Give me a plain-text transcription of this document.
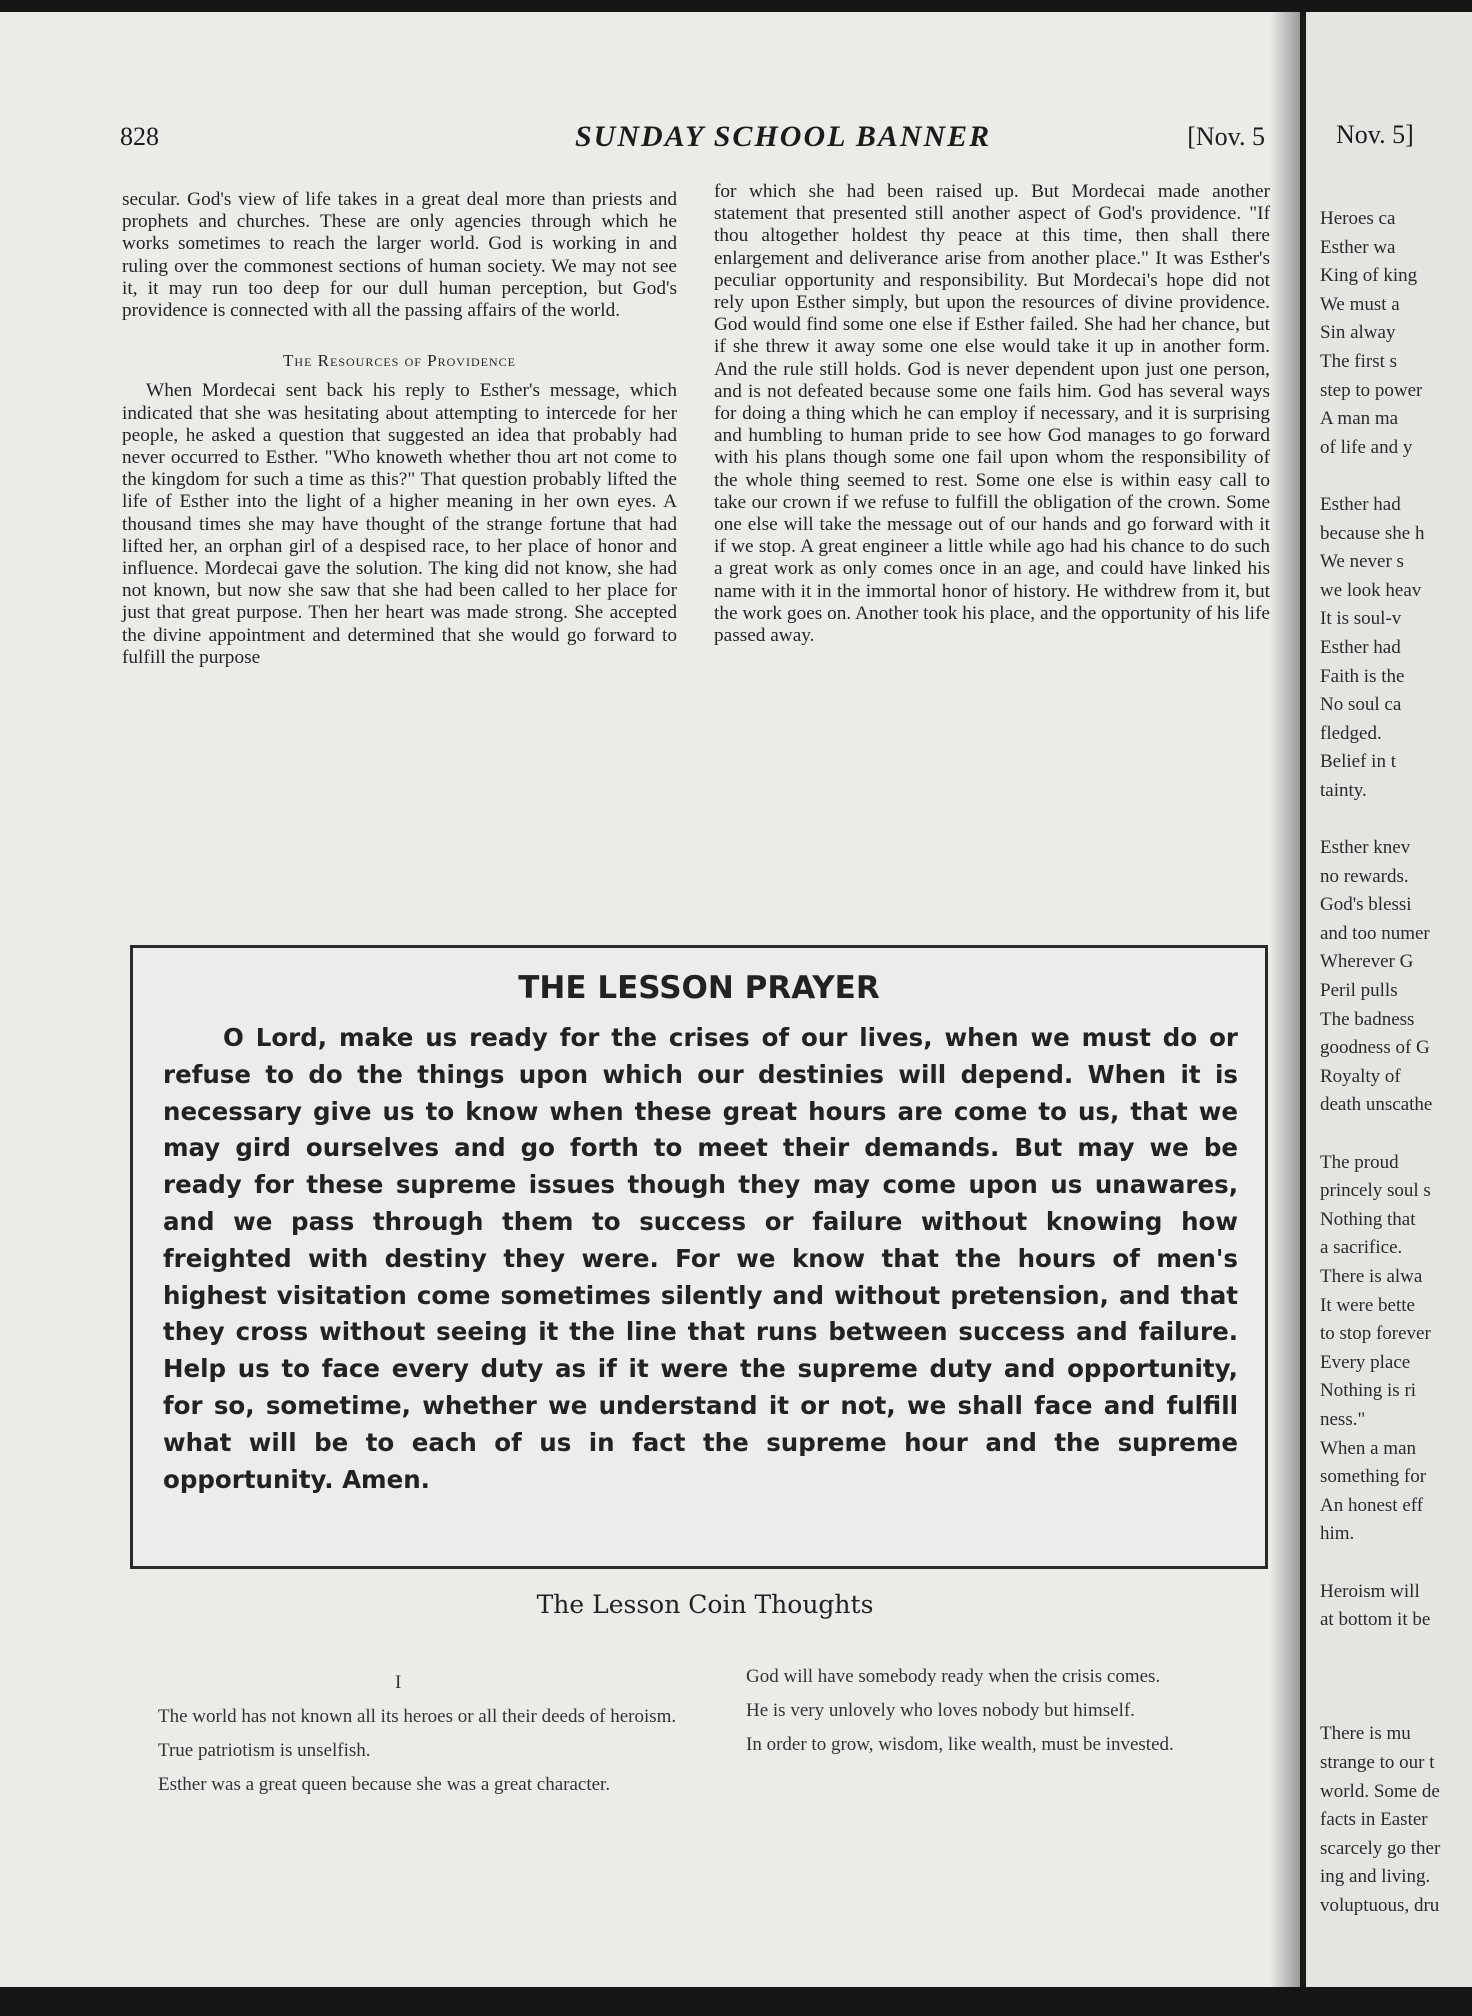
828	SUNDAY SCHOOL BANNER	[Nov. 5

secular. God's view of life takes in a great deal more than priests and prophets and churches. These are only agencies through which he works sometimes to reach the larger world. God is working in and ruling over the commonest sections of human society. We may not see it, it may run too deep for our dull human perception, but God's providence is connected with all the passing affairs of the world.

The Resources of Providence

When Mordecai sent back his reply to Esther's message, which indicated that she was hesitating about attempting to intercede for her people, he asked a question that suggested an idea that probably had never occurred to Esther. "Who knoweth whether thou art not come to the kingdom for such a time as this?" That question probably lifted the life of Esther into the light of a higher meaning in her own eyes. A thousand times she may have thought of the strange fortune that had lifted her, an orphan girl of a despised race, to her place of honor and influence. Mordecai gave the solution. The king did not know, she had not known, but now she saw that she had been called to her place for just that great purpose. Then her heart was made strong. She accepted the divine appointment and determined that she would go forward to fulfill the purpose

for which she had been raised up. But Mordecai made another statement that presented still another aspect of God's providence. "If thou altogether holdest thy peace at this time, then shall there enlargement and deliverance arise from another place." It was Esther's peculiar opportunity and responsibility. But Mordecai's hope did not rely upon Esther simply, but upon the resources of divine providence. God would find some one else if Esther failed. She had her chance, but if she threw it away some one else would take it up in another form. And the rule still holds. God is never dependent upon just one person, and is not defeated because some one fails him. God has several ways for doing a thing which he can employ if necessary, and it is surprising and humbling to human pride to see how God manages to go forward with his plans though some one fail upon whom the responsibility of the whole thing seemed to rest. Some one else is within easy call to take our crown if we refuse to fulfill the obligation of the crown. Some one else will take the message out of our hands and go forward with it if we stop. A great engineer a little while ago had his chance to do such a great work as only comes once in an age, and could have linked his name with it in the immortal honor of history. He withdrew from it, but the work goes on. Another took his place, and the opportunity of his life passed away.

THE LESSON PRAYER
O Lord, make us ready for the crises of our lives, when we must do or refuse to do the things upon which our destinies will depend. When it is necessary give us to know when these great hours are come to us, that we may gird ourselves and go forth to meet their demands. But may we be ready for these supreme issues though they may come upon us unawares, and we pass through them to success or failure without knowing how freighted with destiny they were. For we know that the hours of men's highest visitation come sometimes silently and without pretension, and that they cross without seeing it the line that runs between success and failure. Help us to face every duty as if it were the supreme duty and opportunity, for so, sometime, whether we understand it or not, we shall face and fulfill what will be to each of us in fact the supreme hour and the supreme opportunity. Amen.
The Lesson Coin Thoughts
I

The world has not known all its heroes or all their deeds of heroism.

True patriotism is unselfish.

Esther was a great queen because she was a great character.

God will have somebody ready when the crisis comes.

He is very unlovely who loves nobody but himself.

In order to grow, wisdom, like wealth, must be invested.

Nov. 5]
Heroes ca
Esther wa
King of king
We must a
Sin alway
The first s
step to power
A man ma
of life and y
Esther had
because she h
We never s
we look heav
It is soul-v
Esther had
Faith is the
No soul ca
fledged.
Belief in t
tainty.
Esther knev
no rewards.
God's blessi
and too numer
Wherever G
Peril pulls
The badness
goodness of G
Royalty of
death unscathe
The proud
princely soul s
Nothing that
a sacrifice.
There is alwa
It were bette
to stop forever
Every place
Nothing is ri
ness."
When a man
something for
An honest eff
him.
Heroism will
at bottom it be
There is mu
strange to our t
world. Some de
facts in Easter
scarcely go ther
ing and living.
voluptuous, dru
